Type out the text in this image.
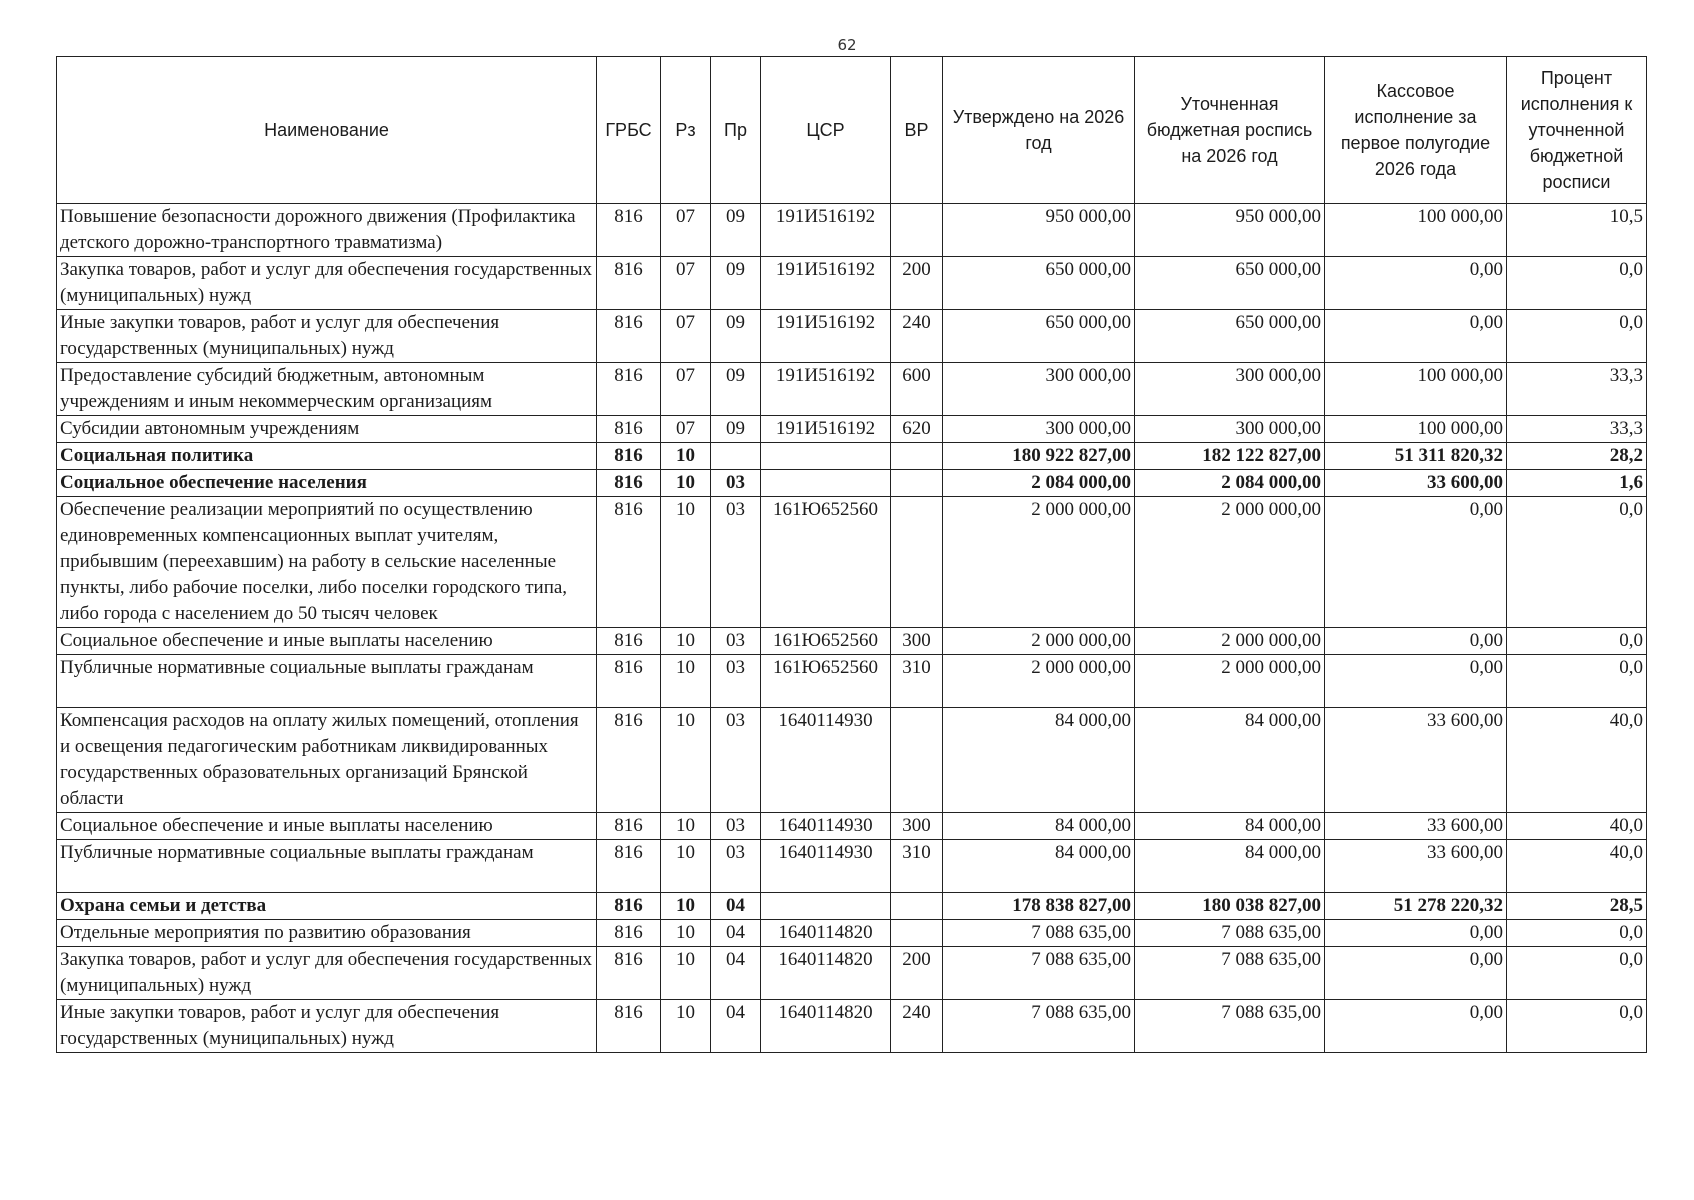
62
Наименование	ГРБС	Рз	Пр	ЦСР	ВР	Утверждено на 2026 год	Уточненная бюджетная роспись на 2026 год	Кассовое исполнение за первое полугодие 2026 года	Процент исполнения к уточненной бюджетной росписи
Повышение безопасности дорожного движения (Профилактика детского дорожно-транспортного травматизма)	816	07	09	191И516192		950 000,00	950 000,00	100 000,00	10,5
Закупка товаров, работ и услуг для обеспечения государственных (муниципальных) нужд	816	07	09	191И516192	200	650 000,00	650 000,00	0,00	0,0
Иные закупки товаров, работ и услуг для обеспечения государственных (муниципальных) нужд	816	07	09	191И516192	240	650 000,00	650 000,00	0,00	0,0
Предоставление субсидий бюджетным, автономным учреждениям и иным некоммерческим организациям	816	07	09	191И516192	600	300 000,00	300 000,00	100 000,00	33,3
Субсидии автономным учреждениям	816	07	09	191И516192	620	300 000,00	300 000,00	100 000,00	33,3
Социальная политика	816	10				180 922 827,00	182 122 827,00	51 311 820,32	28,2
Социальное обеспечение населения	816	10	03			2 084 000,00	2 084 000,00	33 600,00	1,6
Обеспечение реализации мероприятий по осуществлению единовременных компенсационных выплат учителям, прибывшим (переехавшим) на работу в сельские населенные пункты, либо рабочие поселки, либо поселки городского типа, либо города с населением до 50 тысяч человек	816	10	03	161Ю652560		2 000 000,00	2 000 000,00	0,00	0,0
Социальное обеспечение и иные выплаты населению	816	10	03	161Ю652560	300	2 000 000,00	2 000 000,00	0,00	0,0
Публичные нормативные социальные выплаты гражданам	816	10	03	161Ю652560	310	2 000 000,00	2 000 000,00	0,00	0,0
Компенсация расходов на оплату жилых помещений, отопления и освещения педагогическим работникам ликвидированных государственных образовательных организаций Брянской области	816	10	03	1640114930		84 000,00	84 000,00	33 600,00	40,0
Социальное обеспечение и иные выплаты населению	816	10	03	1640114930	300	84 000,00	84 000,00	33 600,00	40,0
Публичные нормативные социальные выплаты гражданам	816	10	03	1640114930	310	84 000,00	84 000,00	33 600,00	40,0
Охрана семьи и детства	816	10	04			178 838 827,00	180 038 827,00	51 278 220,32	28,5
Отдельные мероприятия по развитию образования	816	10	04	1640114820		7 088 635,00	7 088 635,00	0,00	0,0
Закупка товаров, работ и услуг для обеспечения государственных (муниципальных) нужд	816	10	04	1640114820	200	7 088 635,00	7 088 635,00	0,00	0,0
Иные закупки товаров, работ и услуг для обеспечения государственных (муниципальных) нужд	816	10	04	1640114820	240	7 088 635,00	7 088 635,00	0,00	0,0
